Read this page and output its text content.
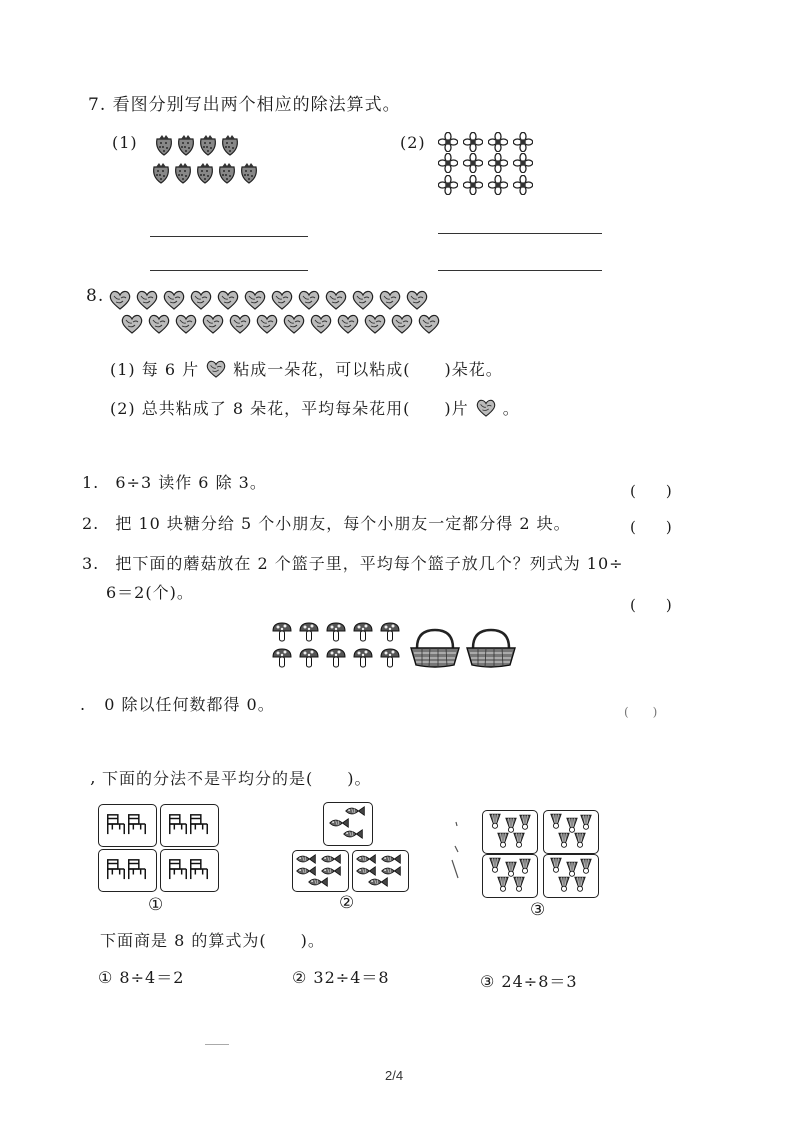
7. 看图分别写出两个相应的除法算式。
(1)	(2)
8.
(1) 每 6 片 粘成一朵花，可以粘成(　　)朵花。
(2) 总共粘成了 8 朵花，平均每朵花用(　　)片 。
1. 6÷3 读作 6 除 3。	(　　)
2. 把 10 块糖分给 5 个小朋友，每个小朋友一定都分得 2 块。	(　　)
3. 把下面的蘑菇放在 2 个篮子里，平均每个篮子放几个？列式为 10÷
6＝2(个)。
(　　)
. 0 除以任何数都得 0。	(　　)
‚ 下面的分法不是平均分的是(　　)。
①	②	③
下面商是 8 的算式为(　　)。
① 8÷4＝2	② 32÷4＝8	③ 24÷8＝3
2/4
